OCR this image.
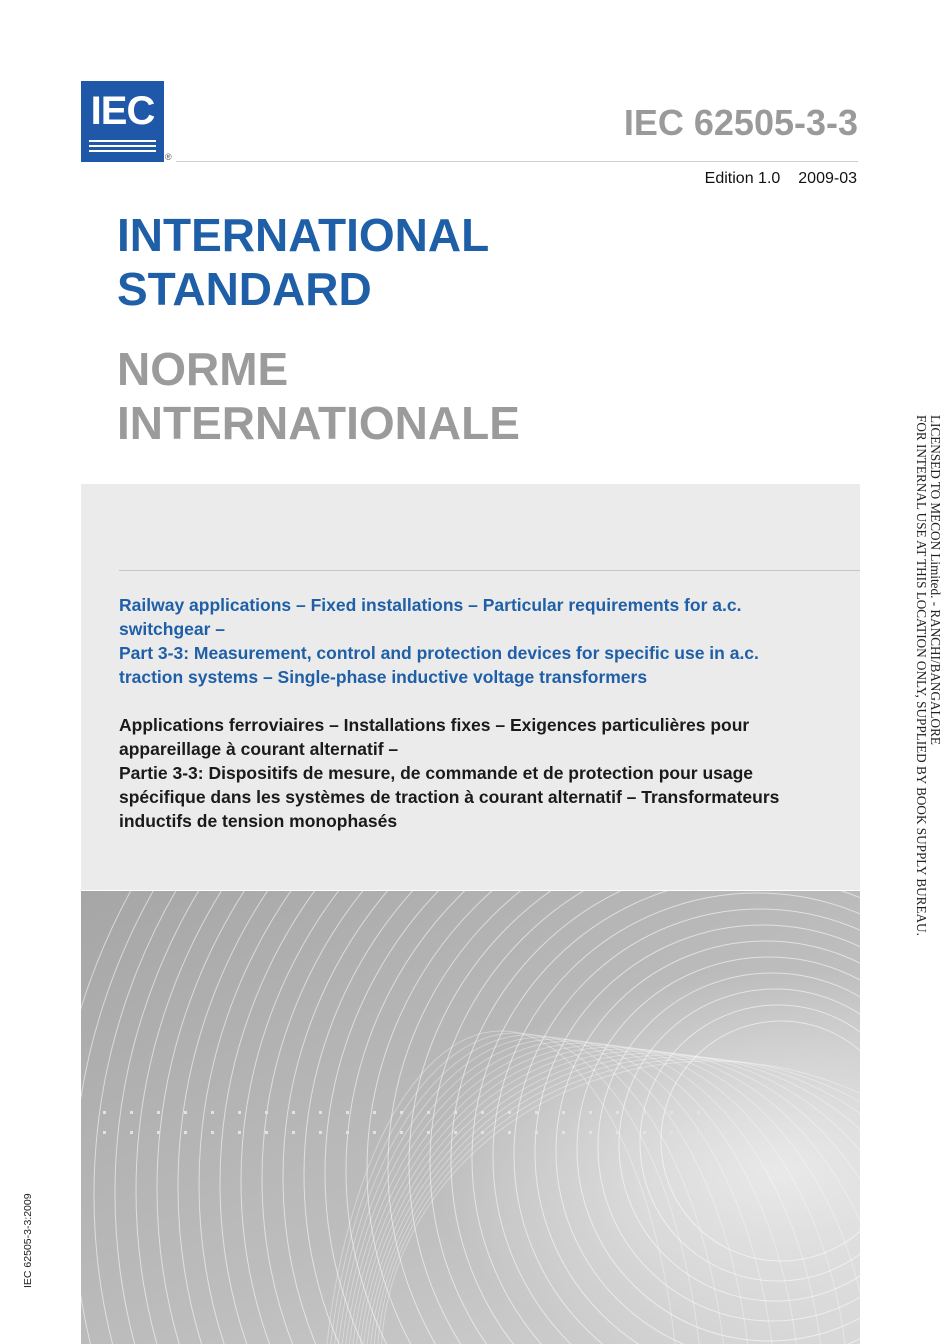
IEC
®
IEC 62505-3-3
Edition 1.0 2009-03
INTERNATIONAL
STANDARD
NORME
INTERNATIONALE
Railway applications – Fixed installations – Particular requirements for a.c.
switchgear –
Part 3-3: Measurement, control and protection devices for specific use in a.c.
traction systems – Single-phase inductive voltage transformers
Applications ferroviaires – Installations fixes – Exigences particulières pour
appareillage à courant alternatif –
Partie 3-3: Dispositifs de mesure, de commande et de protection pour usage
spécifique dans les systèmes de traction à courant alternatif – Transformateurs
inductifs de tension monophasés
LICENSED TO MECON Limited. - RANCHI/BANGALORE
FOR INTERNAL USE AT THIS LOCATION ONLY, SUPPLIED BY BOOK SUPPLY BUREAU.
IEC 62505-3-3:2009
